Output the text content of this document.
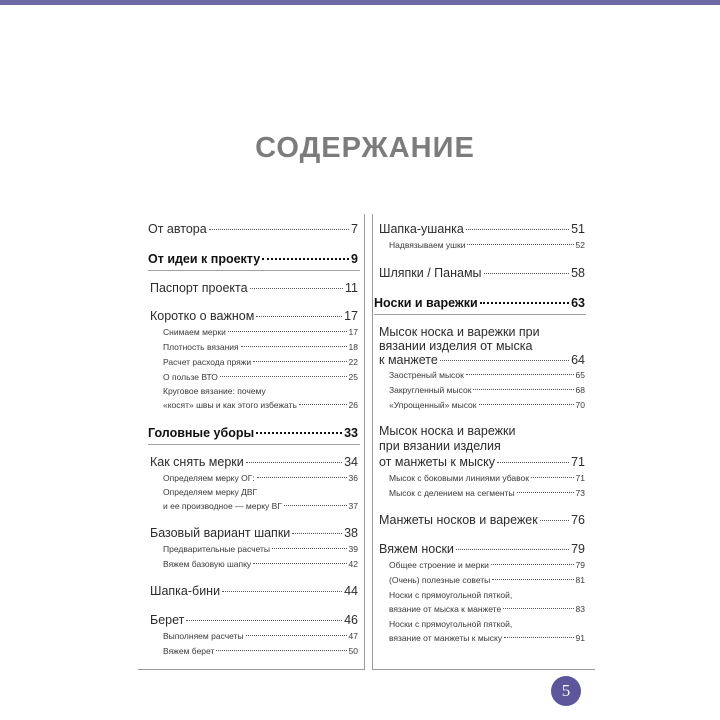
СОДЕРЖАНИЕ
От автора	7
От идеи к проекту	9
Паспорт проекта	11
Коротко о важном	17
Снимаем мерки	17
Плотность вязания	18
Расчет расхода пряжи	22
О пользе ВТО	25
Круговое вязание: почему
«косят» швы и как этого избежать	26
Головные уборы	33
Как снять мерки	34
Определяем мерку ОГ:	36
Определяем мерку ДВГ
и ее производное — мерку ВГ	37
Базовый вариант шапки	38
Предварительные расчеты	39
Вяжем базовую шапку	42
Шапка-бини	44
Берет	46
Выполняем расчеты	47
Вяжем берет	50
Шапка-ушанка	51
Надвязываем ушки	52
Шляпки / Панамы	58
Носки и варежки	63
Мысок носка и варежки при
вязании изделия от мыска
к манжете	64
Заостреный мысок	65
Закругленный мысок	68
«Упрощенный» мысок	70
Мысок носка и варежки
при вязании изделия
от манжеты к мыску	71
Мысок с боковыми линиями убавок	71
Мысок с делением на сегменты	73
Манжеты носков и варежек	76
Вяжем носки	79
Общее строение и мерки	79
(Очень) полезные советы	81
Носки с прямоугольной пяткой,
вязание от мыска к манжете	83
Носки с прямоугольной пяткой,
вязание от манжеты к мыску	91
5
